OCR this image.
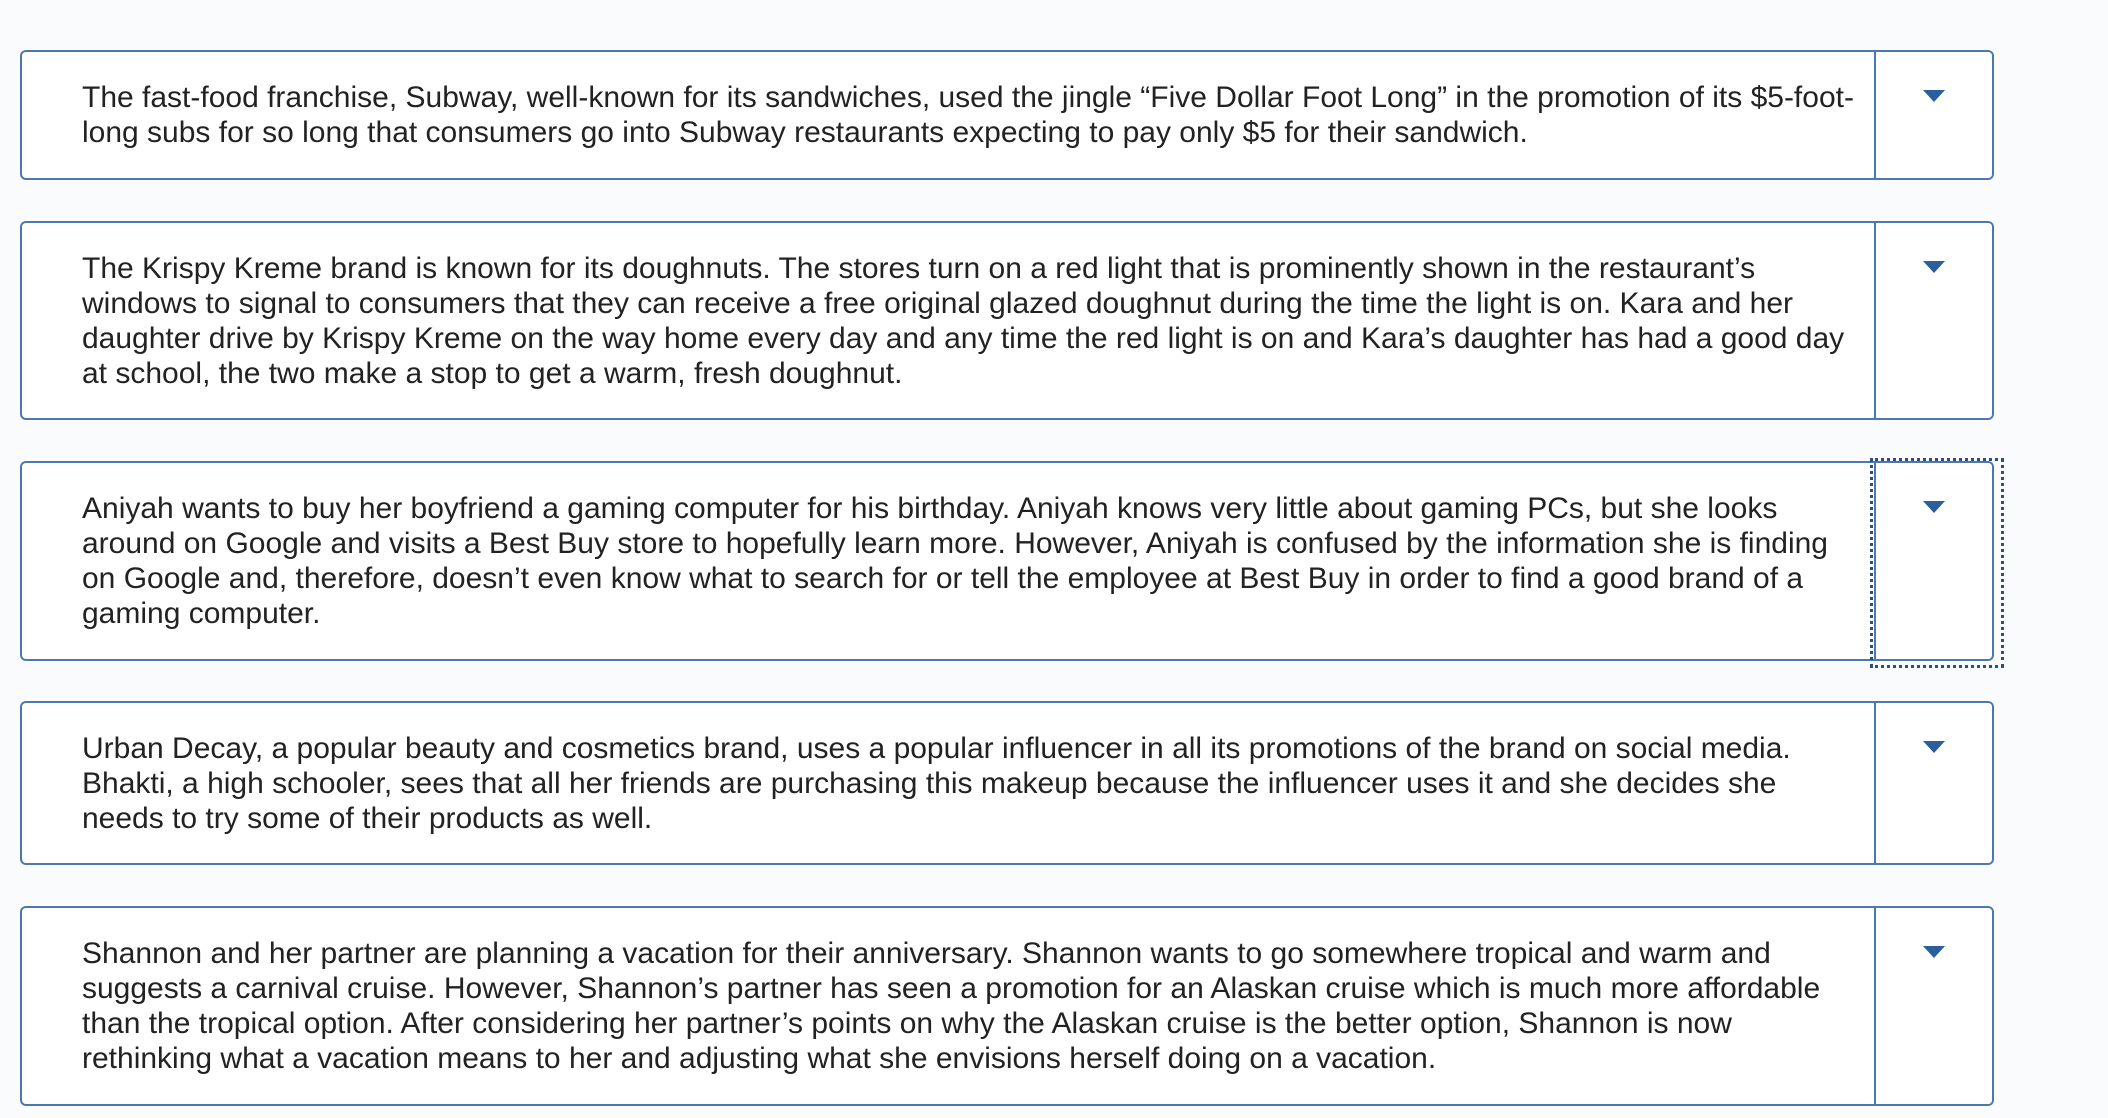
The fast-food franchise, Subway, well-known for its sandwiches, used the jingle “Five Dollar Foot Long” in the promotion of its $5-foot-long subs for so long that consumers go into Subway restaurants expecting to pay only $5 for their sandwich.
The Krispy Kreme brand is known for its doughnuts. The stores turn on a red light that is prominently shown in the restaurant’s windows to signal to consumers that they can receive a free original glazed doughnut during the time the light is on. Kara and her daughter drive by Krispy Kreme on the way home every day and any time the red light is on and Kara’s daughter has had a good day at school, the two make a stop to get a warm, fresh doughnut.
Aniyah wants to buy her boyfriend a gaming computer for his birthday. Aniyah knows very little about gaming PCs, but she looks around on Google and visits a Best Buy store to hopefully learn more. However, Aniyah is confused by the information she is finding on Google and, therefore, doesn’t even know what to search for or tell the employee at Best Buy in order to find a good brand of a gaming computer.
Urban Decay, a popular beauty and cosmetics brand, uses a popular influencer in all its promotions of the brand on social media. Bhakti, a high schooler, sees that all her friends are purchasing this makeup because the influencer uses it and she decides she needs to try some of their products as well.
Shannon and her partner are planning a vacation for their anniversary. Shannon wants to go somewhere tropical and warm and suggests a carnival cruise. However, Shannon’s partner has seen a promotion for an Alaskan cruise which is much more affordable than the tropical option. After considering her partner’s points on why the Alaskan cruise is the better option, Shannon is now rethinking what a vacation means to her and adjusting what she envisions herself doing on a vacation.
